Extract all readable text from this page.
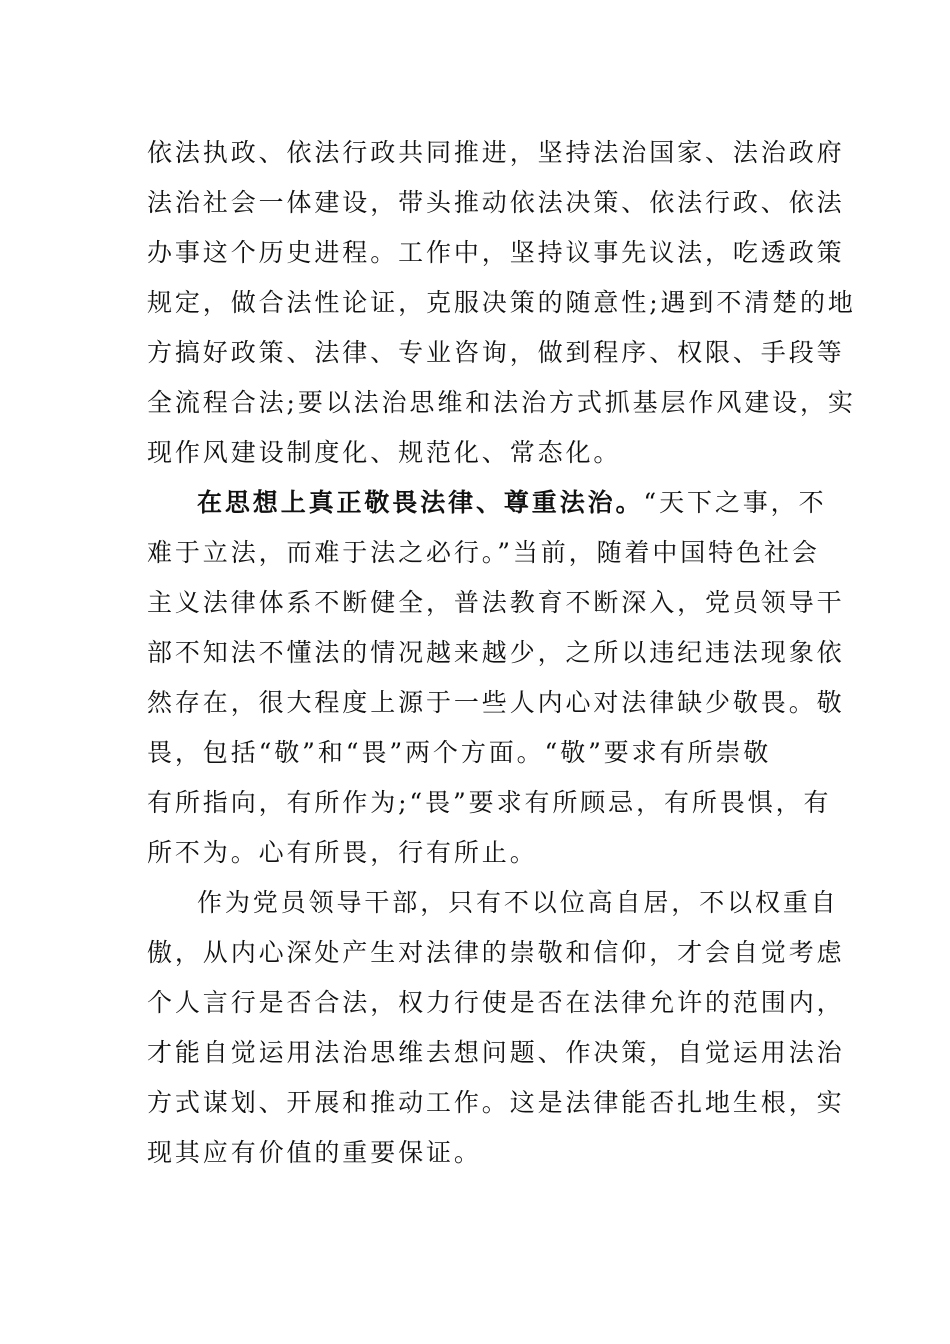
依法执政、依法行政共同推进，坚持法治国家、法治政府
法治社会一体建设，带头推动依法决策、依法行政、依法
办事这个历史进程。工作中，坚持议事先议法，吃透政策
规定，做合法性论证，克服决策的随意性;遇到不清楚的地
方搞好政策、法律、专业咨询，做到程序、权限、手段等
全流程合法;要以法治思维和法治方式抓基层作风建设，实
现作风建设制度化、规范化、常态化。
在思想上真正敬畏法律、尊重法治。“天下之事，不
难于立法，而难于法之必行。”当前，随着中国特色社会
主义法律体系不断健全，普法教育不断深入，党员领导干
部不知法不懂法的情况越来越少，之所以违纪违法现象依
然存在，很大程度上源于一些人内心对法律缺少敬畏。敬
畏，包括“敬”和“畏”两个方面。“敬”要求有所崇敬
有所指向，有所作为;“畏”要求有所顾忌，有所畏惧，有
所不为。心有所畏，行有所止。
作为党员领导干部，只有不以位高自居，不以权重自
傲，从内心深处产生对法律的崇敬和信仰，才会自觉考虑
个人言行是否合法，权力行使是否在法律允许的范围内，
才能自觉运用法治思维去想问题、作决策，自觉运用法治
方式谋划、开展和推动工作。这是法律能否扎地生根，实
现其应有价值的重要保证。
